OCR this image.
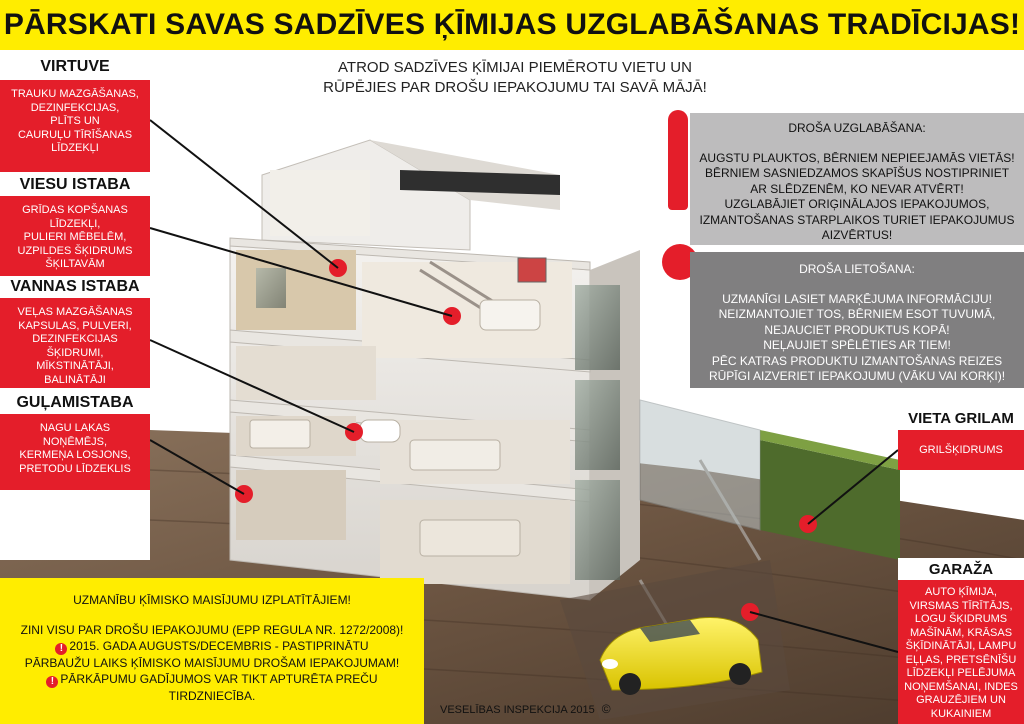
PĀRSKATI SAVAS SADZĪVES ĶĪMIJAS UZGLABĀŠANAS TRADĪCIJAS!
ATROD SADZĪVES ĶĪMIJAI PIEMĒROTU VIETU UN
RŪPĒJIES PAR DROŠU IEPAKOJUMU TAI SAVĀ MĀJĀ!
VIRTUVE
TRAUKU MAZGĀŠANAS,
DEZINFEKCIJAS,
PLĪTS UN
CAURUĻU TĪRĪŠANAS
LĪDZEKĻI
VIESU ISTABA
GRĪDAS KOPŠANAS
LĪDZEKĻI,
PULIERI MĒBELĒM,
UZPILDES ŠĶIDRUMS
ŠĶILTAVĀM
VANNAS ISTABA
VEĻAS MAZGĀŠANAS
KAPSULAS, PULVERI,
DEZINFEKCIJAS ŠĶIDRUMI,
MĪKSTINĀTĀJI,
BALINĀTĀJI
GUĻAMISTABA
NAGU LAKAS
NOŅĒMĒJS,
KERMEŅA LOSJONS,
PRETODU LĪDZEKLIS
DROŠA UZGLABĀŠANA:
AUGSTU PLAUKTOS, BĒRNIEM NEPIEEJAMĀS VIETĀS!
BĒRNIEM SASNIEDZAMOS SKAPĪŠUS NOSTIPRINIET
AR SLĒDZENĒM, KO NEVAR ATVĒRT!
UZGLABĀJIET ORIĢINĀLAJOS IEPAKOJUMOS,
IZMANTOŠANAS STARPLAIKOS TURIET IEPAKOJUMUS
AIZVĒRTUS!
DROŠA LIETOŠANA:
UZMANĪGI LASIET MARĶĒJUMA INFORMĀCIJU!
NEIZMANTOJIET TOS, BĒRNIEM ESOT TUVUMĀ,
NEJAUCIET PRODUKTUS KOPĀ!
NEĻAUJIET SPĒLĒTIES AR TIEM!
PĒC KATRAS PRODUKTU IZMANTOŠANAS REIZES
RŪPĪGI AIZVERIET IEPAKOJUMU (VĀKU VAI KORĶI)!
VIETA GRILAM
GRILŠĶIDRUMS
GARAŽA
AUTO ĶĪMIJA,
VIRSMAS TĪRĪTĀJS,
LOGU ŠĶIDRUMS
MAŠĪNĀM, KRĀSAS
ŠĶĪDINĀTĀJI, LAMPU
EĻĻAS, PRETSĒNĪŠU
LĪDZEKĻI PELĒJUMA
NOŅEMŠANAI, INDES
GRAUZĒJIEM UN
KUKAINIEM
UZMANĪBU ĶĪMISKO MAISĪJUMU IZPLATĪTĀJIEM!
ZINI VISU PAR DROŠU IEPAKOJUMU (EPP REGULA NR. 1272/2008)!
! 2015. GADA AUGUSTS/DECEMBRIS - PASTIPRINĀTU
PĀRBAUŽU LAIKS ĶĪMISKO MAISĪJUMU DROŠAM IEPAKOJUMAM!
! PĀRKĀPUMU GADĪJUMOS VAR TIKT APTURĒTA PREČU
TIRDZNIECĪBA.
VESELĪBAS INSPEKCIJA 2015 ©
